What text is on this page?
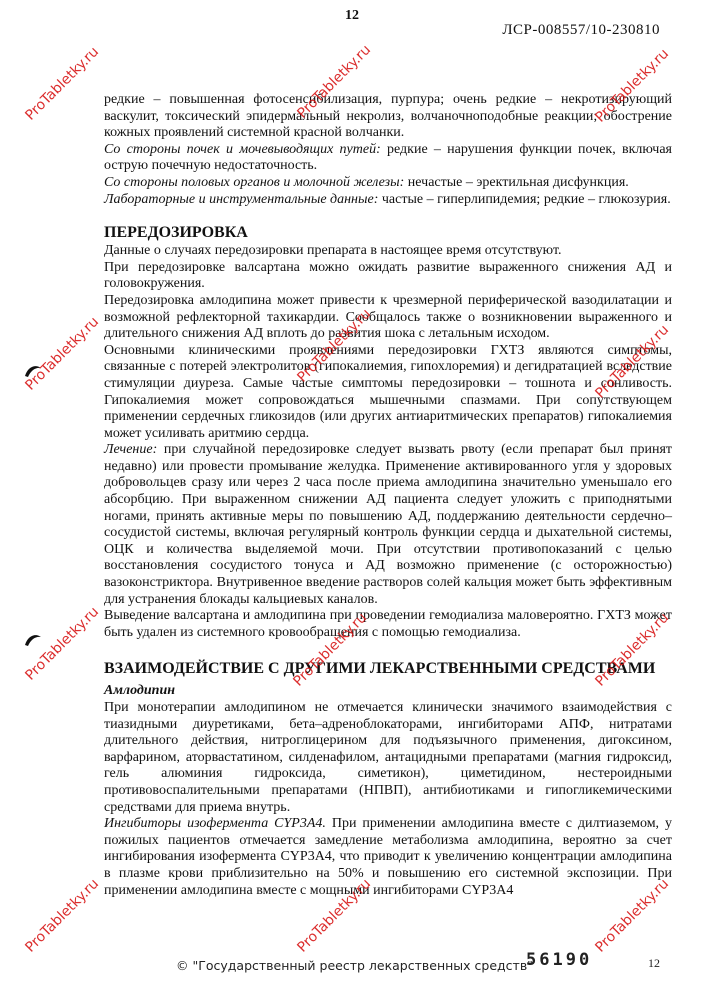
12
ЛСР-008557/10-230810

редкие – повышенная фотосенсибилизация, пурпура; очень редкие – некротизирующий васкулит, токсический эпидермальный некролиз, волчаночноподобные реакции; обострение кожных проявлений системной красной волчанки.

Со стороны почек и мочевыводящих путей: редкие – нарушения функции почек, включая острую почечную недостаточность.

Со стороны половых органов и молочной железы: нечастые – эректильная дисфункция.

Лабораторные и инструментальные данные: частые – гиперлипидемия; редкие – глюкозурия.

ПЕРЕДОЗИРОВКА

Данные о случаях передозировки препарата в настоящее время отсутствуют.

При передозировке валсартана можно ожидать развитие выраженного снижения АД и головокружения.

Передозировка амлодипина может привести к чрезмерной периферической вазодилатации и возможной рефлекторной тахикардии. Сообщалось также о возникновении выраженного и длительного снижения АД вплоть до развития шока с летальным исходом.

Основными клиническими проявлениями передозировки ГХТЗ являются симптомы, связанные с потерей электролитов (гипокалиемия, гипохлоремия) и дегидратацией вследствие стимуляции диуреза. Самые частые симптомы передозировки – тошнота и сонливость. Гипокалиемия может сопровождаться мышечными спазмами. При сопутствующем применении сердечных гликозидов (или других антиаритмических препаратов) гипокалиемия может усиливать аритмию сердца.

Лечение: при случайной передозировке следует вызвать рвоту (если препарат был принят недавно) или провести промывание желудка. Применение активированного угля у здоровых добровольцев сразу или через 2 часа после приема амлодипина значительно уменьшало его абсорбцию. При выраженном снижении АД пациента следует уложить с приподнятыми ногами, принять активные меры по повышению АД, поддержанию деятельности сердечно–сосудистой системы, включая регулярный контроль функции сердца и дыхательной системы, ОЦК и количества выделяемой мочи. При отсутствии противопоказаний с целью восстановления сосудистого тонуса и АД возможно применение (с осторожностью) вазоконстриктора. Внутривенное введение растворов солей кальция может быть эффективным для устранения блокады кальциевых каналов.

Выведение валсартана и амлодипина при проведении гемодиализа маловероятно. ГХТЗ может быть удален из системного кровообращения с помощью гемодиализа.

ВЗАИМОДЕЙСТВИЕ С ДРУГИМИ ЛЕКАРСТВЕННЫМИ СРЕДСТВАМИ

Амлодипин

При монотерапии амлодипином не отмечается клинически значимого взаимодействия с тиазидными диуретиками, бета–адреноблокаторами, ингибиторами АПФ, нитратами длительного действия, нитроглицерином для подъязычного применения, дигоксином, варфарином, аторвастатином, силденафилом, антацидными препаратами (магния гидроксид, гель алюминия гидроксида, симетикон), циметидином, нестероидными противовоспалительными препаратами (НПВП), антибиотиками и гипогликемическими средствами для приема внутрь.

Ингибиторы изофермента CYP3A4. При применении амлодипина вместе с дилтиаземом, у пожилых пациентов отмечается замедление метаболизма амлодипина, вероятно за счет ингибирования изофермента CYP3A4, что приводит к увеличению концентрации амлодипина в плазме крови приблизительно на 50% и повышению его системной экспозиции. При применении амлодипина вместе с мощными ингибиторами CYP3A4

© "Государственный реестр лекарственных средств"
56190	12
ProTabletky.ru	ProTabletky.ru	ProTabletky.ru
ProTabletky.ru	ProTabletky.ru	ProTabletky.ru
ProTabletky.ru	ProTabletky.ru	ProTabletky.ru
ProTabletky.ru	ProTabletky.ru	ProTabletky.ru
